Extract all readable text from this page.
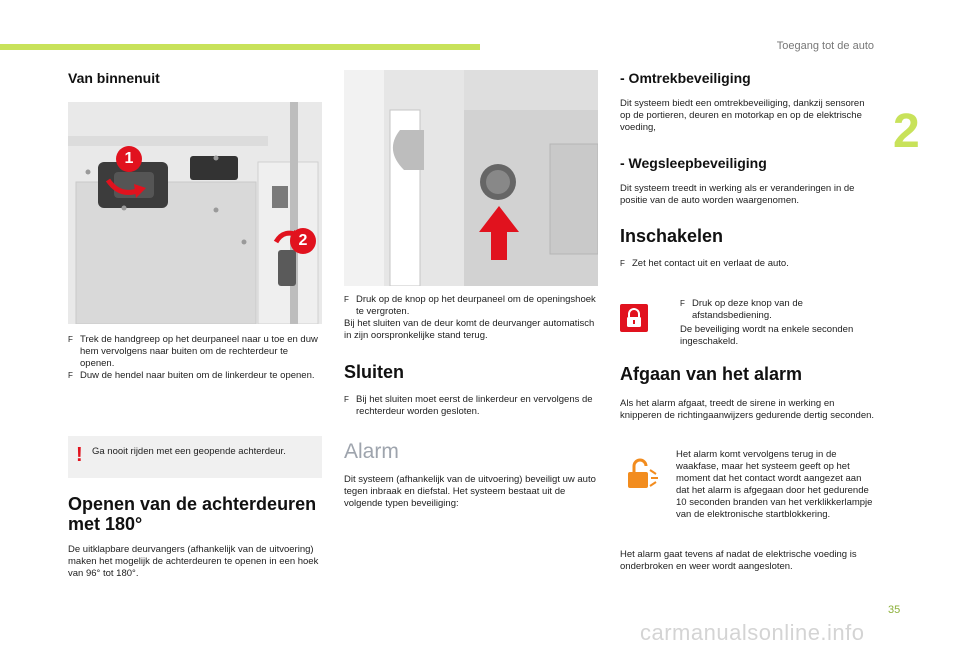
Toegang tot de auto
2
Van binnenuit
1
2
F Trek de handgreep op het deurpaneel naar u toe en duw hem vervolgens naar buiten om de rechterdeur te openen.
F Duw de hendel naar buiten om de linkerdeur te openen.
! Ga nooit rijden met een geopende achterdeur.
Openen van de achterdeuren met 180°
De uitklapbare deurvangers (afhankelijk van de uitvoering) maken het mogelijk de achterdeuren te openen in een hoek van 96° tot 180°.
F Druk op de knop op het deurpaneel om de openingshoek te vergroten.
Bij het sluiten van de deur komt de deurvanger automatisch in zijn oorspronkelijke stand terug.
Sluiten
F Bij het sluiten moet eerst de linkerdeur en vervolgens de rechterdeur worden gesloten.
Alarm
Dit systeem (afhankelijk van de uitvoering) beveiligt uw auto tegen inbraak en diefstal. Het systeem bestaat uit de volgende typen beveiliging:
- Omtrekbeveiliging
Dit systeem biedt een omtrekbeveiliging, dankzij sensoren op de portieren, deuren en motorkap en op de elektrische voeding,
- Wegsleepbeveiliging
Dit systeem treedt in werking als er veranderingen in de positie van de auto worden waargenomen.
Inschakelen
F Zet het contact uit en verlaat de auto.
F Druk op deze knop van de afstandsbediening.
De beveiliging wordt na enkele seconden ingeschakeld.
Afgaan van het alarm
Als het alarm afgaat, treedt de sirene in werking en knipperen de richtingaanwijzers gedurende dertig seconden.
Het alarm komt vervolgens terug in de waakfase, maar het systeem geeft op het moment dat het contact wordt aangezet aan dat het alarm is afgegaan door het gedurende 10 seconden branden van het verklikkerlampje van de elektronische startblokkering.
Het alarm gaat tevens af nadat de elektrische voeding is onderbroken en weer wordt aangesloten.
35
carmanualsonline.info
